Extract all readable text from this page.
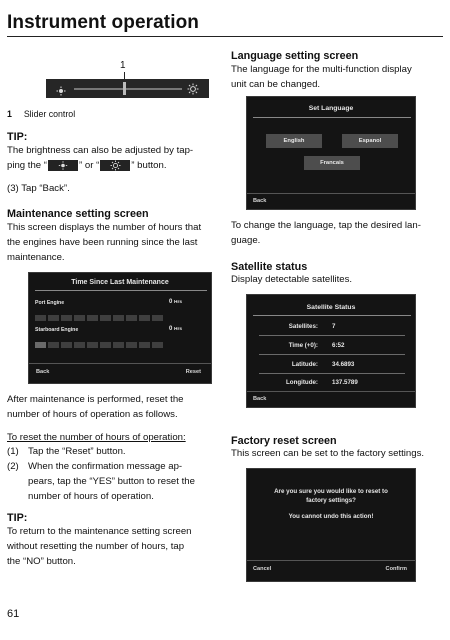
Instrument operation
1
1 Slider control
TIP:
The brightness can also be adjusted by tap-
ping the “	” or “	” button.
(3) Tap “Back”.
Maintenance setting screen
This screen displays the number of hours that
the engines have been running since the last
maintenance.
Time Since Last Maintenance
Port Engine	0 Hrs
Starboard Engine	0 Hrs
Back	Reset
After maintenance is performed, reset the
number of hours of operation as follows.
To reset the number of hours of operation:
(1) Tap the “Reset” button.
(2) When the confirmation message ap-
pears, tap the “YES” button to reset the
number of hours of operation.
TIP:
To return to the maintenance setting screen
without resetting the number of hours, tap
the “NO” button.
61
Language setting screen
The language for the multi-function display
unit can be changed.
Set Language
English	Espanol
Francais
Back
To change the language, tap the desired lan-
guage.
Satellite status
Display detectable satellites.
Satellite Status
Satellites: 7
Time (+0): 6:52
Latitude: 34.6893
Longitude: 137.5789
Back
Factory reset screen
This screen can be set to the factory settings.
Are you sure you would like to reset to
factory settings?
You cannot undo this action!
Cancel	Confirm
